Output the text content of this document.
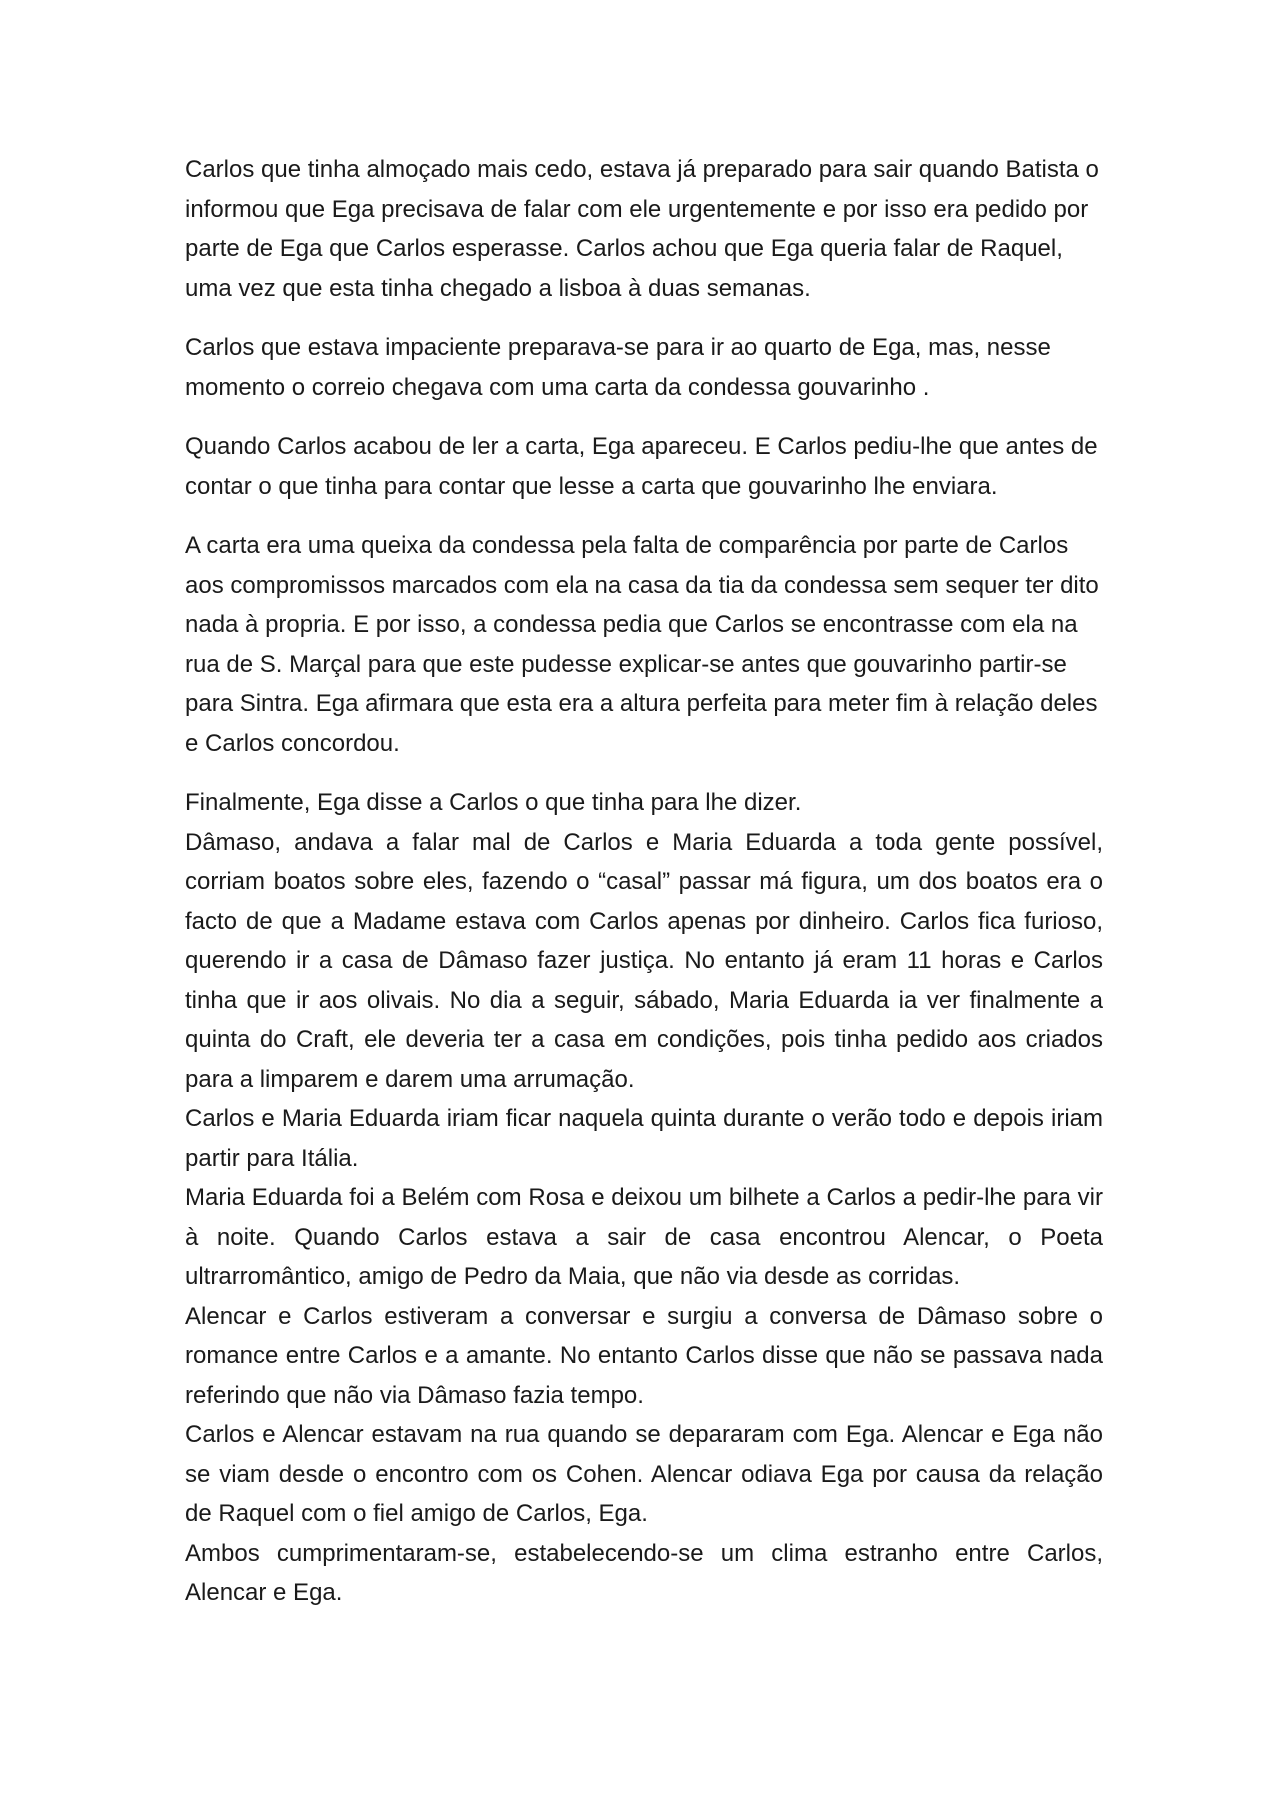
Carlos que tinha almoçado mais cedo, estava já preparado para sair quando Batista o informou que Ega precisava de falar com ele urgentemente e por isso era pedido por parte de Ega que Carlos esperasse. Carlos achou que Ega queria falar de Raquel, uma vez que esta tinha chegado a lisboa à duas semanas.

Carlos que estava impaciente preparava-se para ir ao quarto de Ega, mas, nesse momento o correio chegava com uma carta da condessa gouvarinho .

Quando Carlos acabou de ler a carta, Ega apareceu. E Carlos pediu-lhe que antes de contar o que tinha para contar que lesse a carta que gouvarinho lhe enviara.

A carta era uma queixa da condessa pela falta de comparência por parte de Carlos aos compromissos marcados com ela na casa da tia da condessa sem sequer ter dito nada à propria. E por isso, a condessa pedia que Carlos se encontrasse com ela na rua de S. Marçal para que este pudesse explicar-se antes que gouvarinho partir-se para Sintra. Ega afirmara que esta era a altura perfeita para meter fim à relação deles e Carlos concordou.

Finalmente, Ega disse a Carlos o que tinha para lhe dizer.

Dâmaso, andava a falar mal de Carlos e Maria Eduarda a toda gente possível, corriam boatos sobre eles, fazendo o “casal” passar má figura, um dos boatos era o facto de que a Madame estava com Carlos apenas por dinheiro. Carlos fica furioso, querendo ir a casa de Dâmaso fazer justiça. No entanto já eram 11 horas e Carlos tinha que ir aos olivais. No dia a seguir, sábado, Maria Eduarda ia ver finalmente a quinta do Craft, ele deveria ter a casa em condições, pois tinha pedido aos criados para a limparem e darem uma arrumação.

Carlos e Maria Eduarda iriam ficar naquela quinta durante o verão todo e depois iriam partir para Itália.

Maria Eduarda foi a Belém com Rosa e deixou um bilhete a Carlos a pedir-lhe para vir à noite. Quando Carlos estava a sair de casa encontrou Alencar, o Poeta ultrarromântico, amigo de Pedro da Maia, que não via desde as corridas.

Alencar e Carlos estiveram a conversar e surgiu a conversa de Dâmaso sobre o romance entre Carlos e a amante. No entanto Carlos disse que não se passava nada referindo que não via Dâmaso fazia tempo.

Carlos e Alencar estavam na rua quando se depararam com Ega. Alencar e Ega não se viam desde o encontro com os Cohen. Alencar odiava Ega por causa da relação de Raquel com o fiel amigo de Carlos, Ega.

Ambos cumprimentaram-se, estabelecendo-se um clima estranho entre Carlos, Alencar e Ega.
